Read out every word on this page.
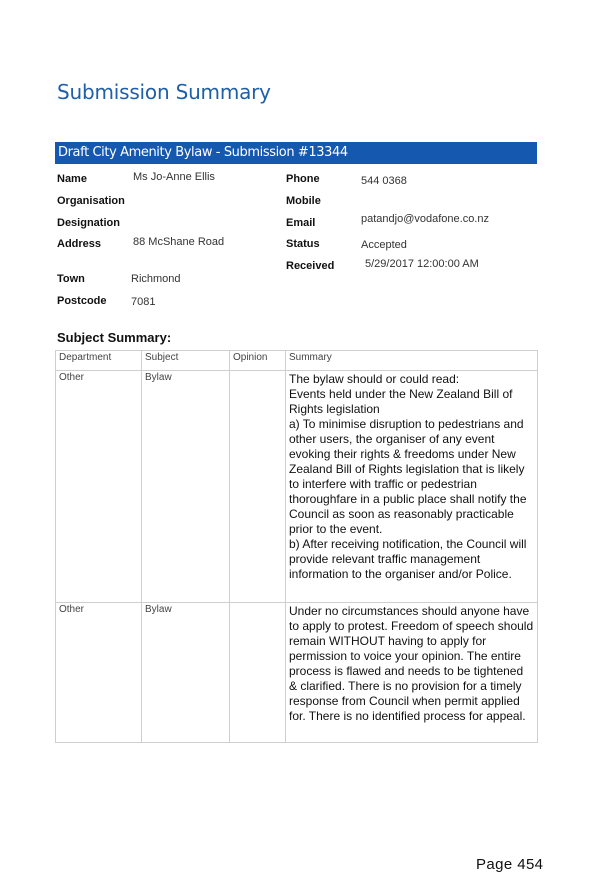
Submission Summary
Draft City Amenity Bylaw - Submission #13344
Name	Ms Jo-Anne Ellis
Organisation
Designation
Address	88 McShane Road
Town	Richmond
Postcode 7081
Phone	544 0368
Mobile
Email	patandjo@vodafone.co.nz
Status	Accepted
Received	5/29/2017 12:00:00 AM
Subject Summary:
Department	Subject	Opinion	Summary
Other	Bylaw		The bylaw should or could read:
Events held under the New Zealand Bill of Rights legislation
a) To minimise disruption to pedestrians and other users, the organiser of any event evoking their rights & freedoms under New Zealand Bill of Rights legislation that is likely to interfere with traffic or pedestrian thoroughfare in a public place shall notify the Council as soon as reasonably practicable prior to the event.
b) After receiving notification, the Council will provide relevant traffic management information to the organiser and/or Police.

Other	Bylaw		Under no circumstances should anyone have to apply to protest. Freedom of speech should remain WITHOUT having to apply for permission to voice your opinion. The entire process is flawed and needs to be tightened & clarified. There is no provision for a timely response from Council when permit applied for. There is no identified process for appeal.
Page 454
